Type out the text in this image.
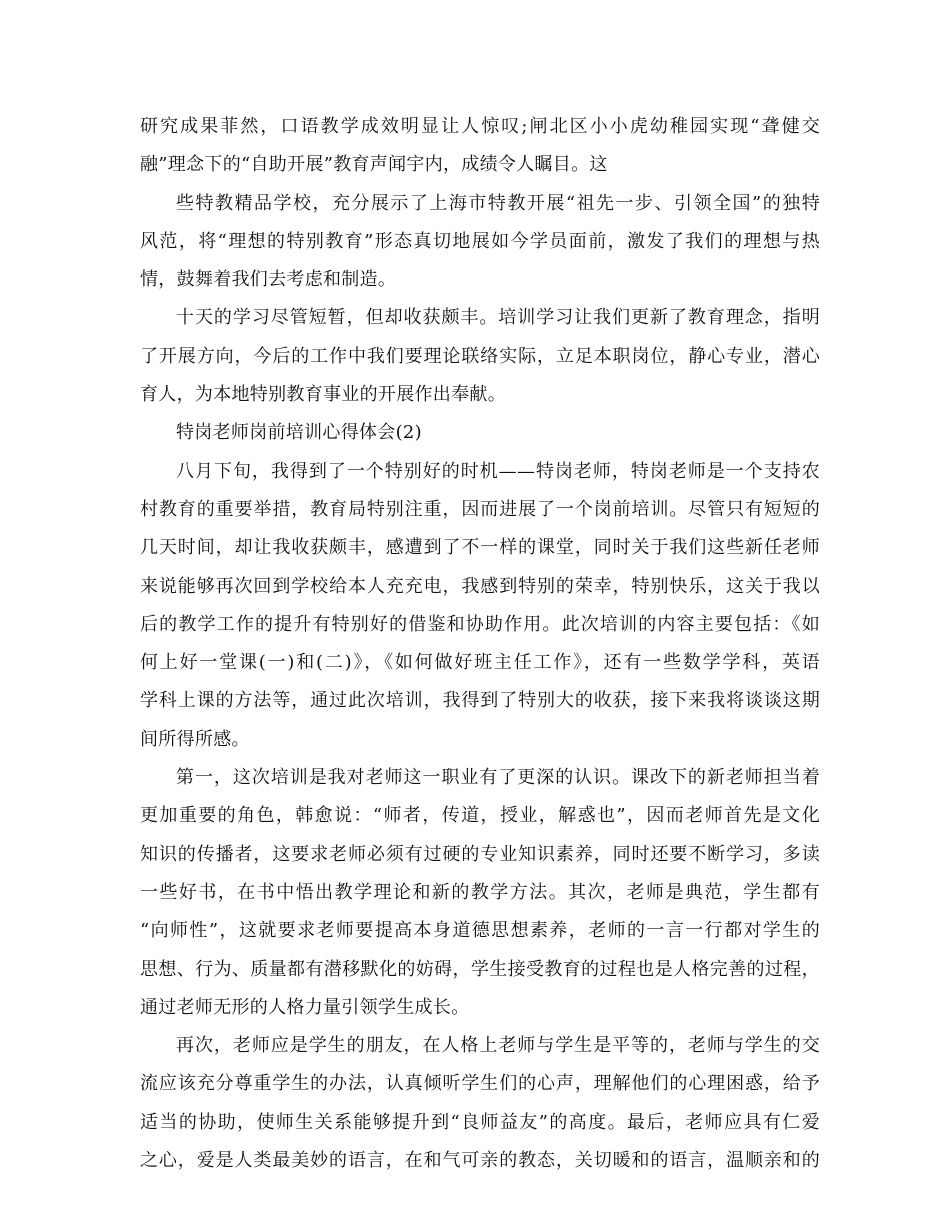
研究成果菲然，口语教学成效明显让人惊叹;闸北区小小虎幼稚园实现“聋健交
融”理念下的“自助开展”教育声闻宇内，成绩令人瞩目。这
些特教精品学校，充分展示了上海市特教开展“祖先一步、引领全国”的独特
风范，将“理想的特别教育”形态真切地展如今学员面前，激发了我们的理想与热
情，鼓舞着我们去考虑和制造。
十天的学习尽管短暂，但却收获颇丰。培训学习让我们更新了教育理念，指明
了开展方向，今后的工作中我们要理论联络实际，立足本职岗位，静心专业，潜心
育人，为本地特别教育事业的开展作出奉献。
特岗老师岗前培训心得体会(2)
八月下旬，我得到了一个特别好的时机——特岗老师，特岗老师是一个支持农
村教育的重要举措，教育局特别注重，因而进展了一个岗前培训。尽管只有短短的
几天时间，却让我收获颇丰，感遭到了不一样的课堂，同时关于我们这些新任老师
来说能够再次回到学校给本人充充电，我感到特别的荣幸，特别快乐，这关于我以
后的教学工作的提升有特别好的借鉴和协助作用。此次培训的内容主要包括：《如
何上好一堂课(一)和(二)》，《如何做好班主任工作》，还有一些数学学科，英语
学科上课的方法等，通过此次培训，我得到了特别大的收获，接下来我将谈谈这期
间所得所感。
第一，这次培训是我对老师这一职业有了更深的认识。课改下的新老师担当着
更加重要的角色，韩愈说：“师者，传道，授业，解惑也”，因而老师首先是文化
知识的传播者，这要求老师必须有过硬的专业知识素养，同时还要不断学习，多读
一些好书，在书中悟出教学理论和新的教学方法。其次，老师是典范，学生都有
“向师性”，这就要求老师要提高本身道德思想素养，老师的一言一行都对学生的
思想、行为、质量都有潜移默化的妨碍，学生接受教育的过程也是人格完善的过程，
通过老师无形的人格力量引领学生成长。
再次，老师应是学生的朋友，在人格上老师与学生是平等的，老师与学生的交
流应该充分尊重学生的办法，认真倾听学生们的心声，理解他们的心理困惑，给予
适当的协助，使师生关系能够提升到“良师益友”的高度。最后，老师应具有仁爱
之心，爱是人类最美妙的语言，在和气可亲的教态，关切暖和的语言，温顺亲和的
